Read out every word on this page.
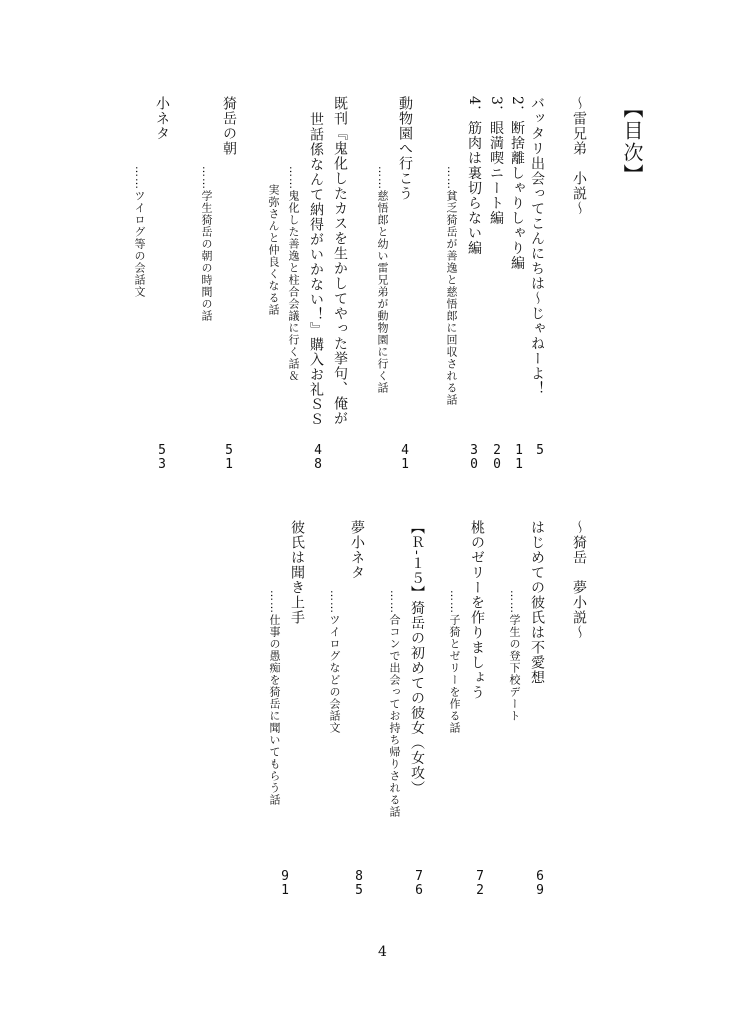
【目次】
～雷兄弟　小説～
バッタリ出会ってこんにちは～じゃねーよ！
5
2．断捨離しゃりしゃり編
11
3．眼満喫ニート編
20
4．筋肉は裏切らない編
……貧乏猗岳が善逸と慈悟郎に回収される話
30
動物園へ行こう
……慈悟郎と幼い雷兄弟が動物園に行く話
41
既刊『鬼化したカスを生かしてやった挙句、俺が
世話係なんて納得がいかない！』購入お礼ＳＳ
……鬼化した善逸と柱合会議に行く話＆
実弥さんと仲良くなる話
48
猗岳の朝
……学生猗岳の朝の時間の話
51
小ネタ
……ツイログ等の会話文
53
～猗岳　夢小説～
はじめての彼氏は不愛想
……学生の登下校デート
69
桃のゼリーを作りましょう
……子猗とゼリーを作る話
72
【Ｒ-１５】猗岳の初めての彼女（女攻）
……合コンで出会ってお持ち帰りされる話
76
夢小ネタ
……ツイログなどの会話文
85
彼氏は聞き上手
……仕事の愚痴を猗岳に聞いてもらう話
91
4
